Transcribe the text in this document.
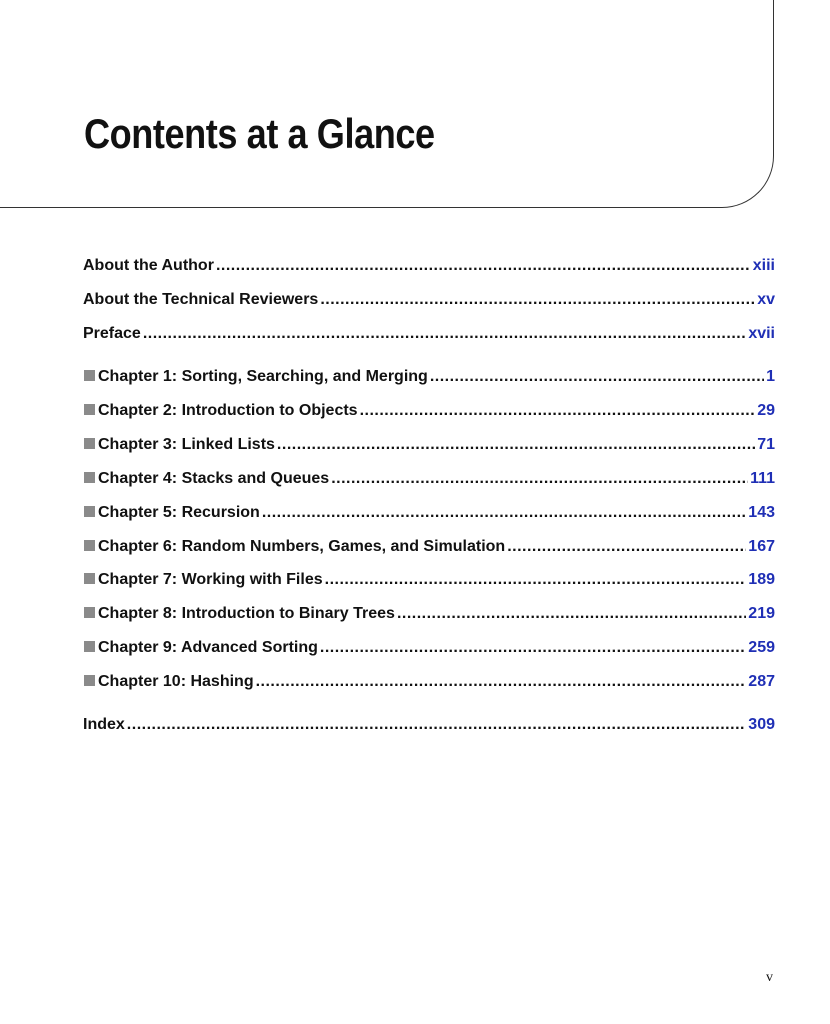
Contents at a Glance
About the Author .....	xiii
About the Technical Reviewers .....	xv
Preface .....	xvii
Chapter 1: Sorting, Searching, and Merging .....	1
Chapter 2: Introduction to Objects .....	29
Chapter 3: Linked Lists .....	71
Chapter 4: Stacks and Queues .....	111
Chapter 5: Recursion .....	143
Chapter 6: Random Numbers, Games, and Simulation .....	167
Chapter 7: Working with Files .....	189
Chapter 8: Introduction to Binary Trees .....	219
Chapter 9: Advanced Sorting .....	259
Chapter 10: Hashing .....	287
Index .....	309
v
